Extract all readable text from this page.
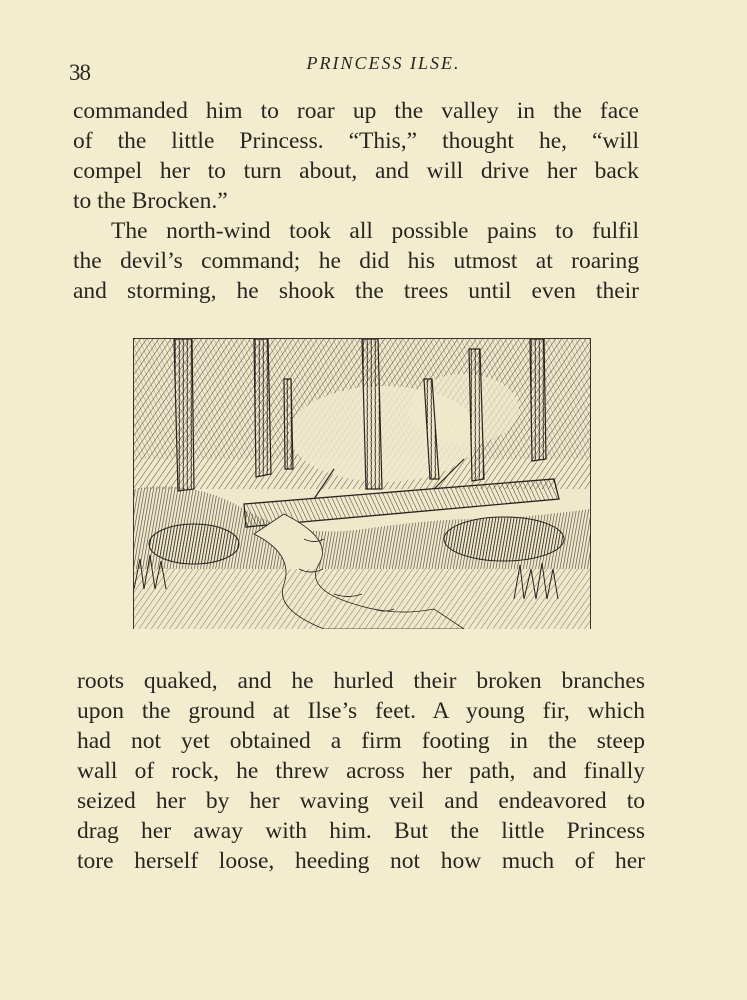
38	PRINCESS ILSE.
commanded him to roar up the valley in the face
of the little Princess. “This,” thought he, “will
compel her to turn about, and will drive her back
to the Brocken.”
The north-wind took all possible pains to fulfil
the devil’s command; he did his utmost at roaring
and storming, he shook the trees until even their
roots quaked, and he hurled their broken branches
upon the ground at Ilse’s feet. A young fir, which
had not yet obtained a firm footing in the steep
wall of rock, he threw across her path, and finally
seized her by her waving veil and endeavored to
drag her away with him. But the little Princess
tore herself loose, heeding not how much of her
